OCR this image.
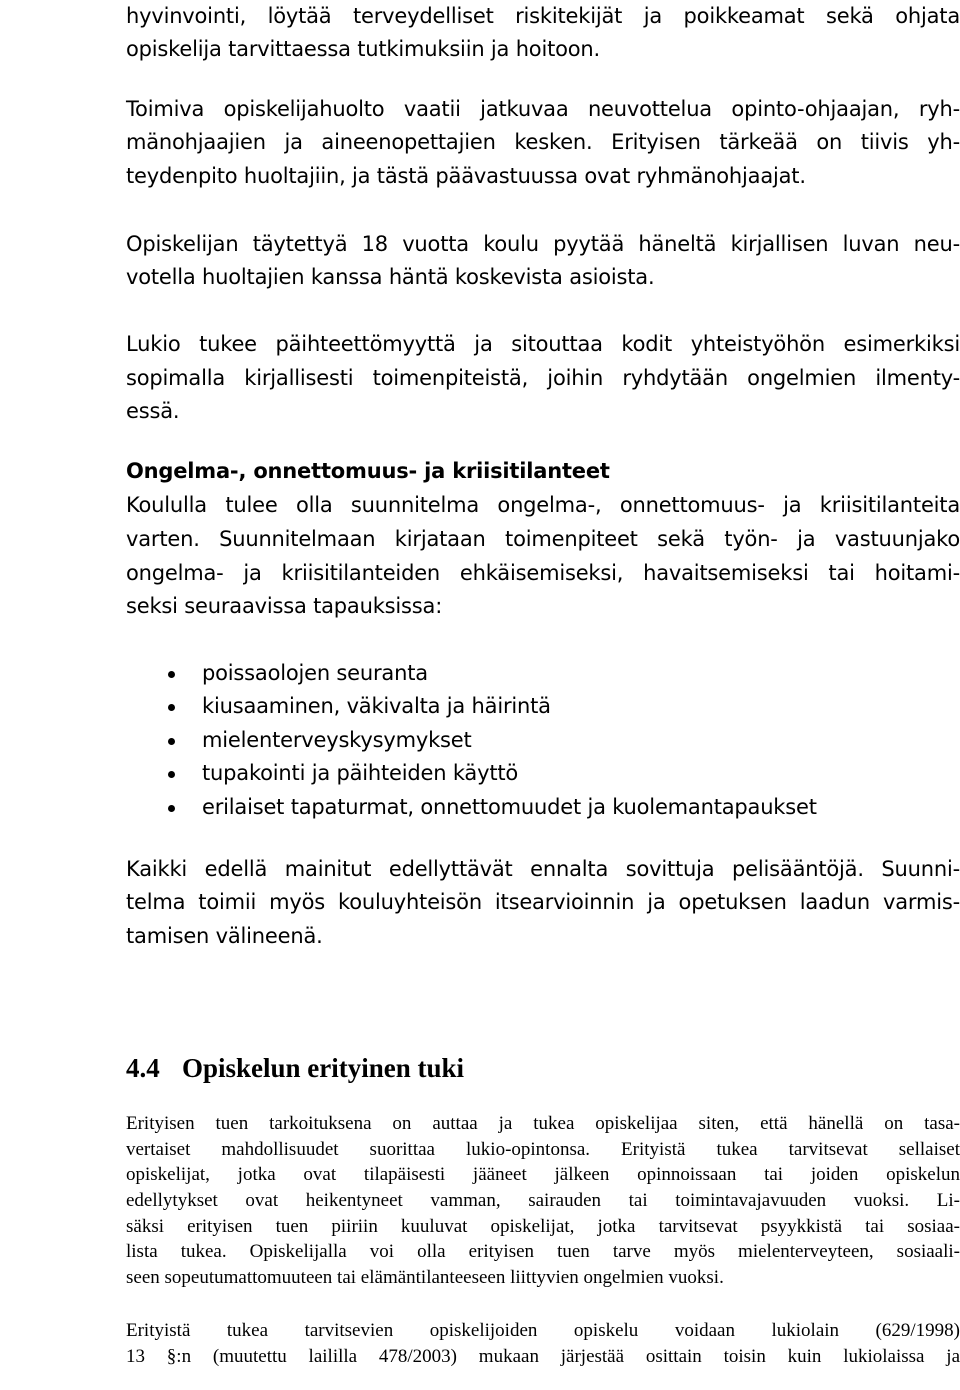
hyvinvointi, löytää terveydelliset riskitekijät ja poikkeamat sekä ohjata
opiskelija tarvittaessa tutkimuksiin ja hoitoon.
Toimiva opiskelijahuolto vaatii jatkuvaa neuvottelua opinto-ohjaajan, ryh-
mänohjaajien ja aineenopettajien kesken. Erityisen tärkeää on tiivis yh-
teydenpito huoltajiin, ja tästä päävastuussa ovat ryhmänohjaajat.
Opiskelijan täytettyä 18 vuotta koulu pyytää häneltä kirjallisen luvan neu-
votella huoltajien kanssa häntä koskevista asioista.
Lukio tukee päihteettömyyttä ja sitouttaa kodit yhteistyöhön esimerkiksi
sopimalla kirjallisesti toimenpiteistä, joihin ryhdytään ongelmien ilmenty-
essä.
Ongelma-, onnettomuus- ja kriisitilanteet
Koululla tulee olla suunnitelma ongelma-, onnettomuus- ja kriisitilanteita
varten. Suunnitelmaan kirjataan toimenpiteet sekä työn- ja vastuunjako
ongelma- ja kriisitilanteiden ehkäisemiseksi, havaitsemiseksi tai hoitami-
seksi seuraavissa tapauksissa:
poissaolojen seuranta
kiusaaminen, väkivalta ja häirintä
mielenterveyskysymykset
tupakointi ja päihteiden käyttö
erilaiset tapaturmat, onnettomuudet ja kuolemantapaukset
Kaikki edellä mainitut edellyttävät ennalta sovittuja pelisääntöjä. Suunni-
telma toimii myös kouluyhteisön itsearvioinnin ja opetuksen laadun varmis-
tamisen välineenä.
4.4 Opiskelun erityinen tuki
Erityisen tuen tarkoituksena on auttaa ja tukea opiskelijaa siten, että hänellä on tasa-
vertaiset mahdollisuudet suorittaa lukio-opintonsa. Erityistä tukea tarvitsevat sellaiset
opiskelijat, jotka ovat tilapäisesti jääneet jälkeen opinnoissaan tai joiden opiskelun
edellytykset ovat heikentyneet vamman, sairauden tai toimintavajavuuden vuoksi. Li-
säksi erityisen tuen piiriin kuuluvat opiskelijat, jotka tarvitsevat psyykkistä tai sosiaa-
lista tukea. Opiskelijalla voi olla erityisen tuen tarve myös mielenterveyteen, sosiaali-
seen sopeutumattomuuteen tai elämäntilanteeseen liittyvien ongelmien vuoksi.
Erityistä tukea tarvitsevien opiskelijoiden opiskelu voidaan lukiolain (629/1998)
13 §:n (muutettu laililla 478/2003) mukaan järjestää osittain toisin kuin lukiolaissa ja
